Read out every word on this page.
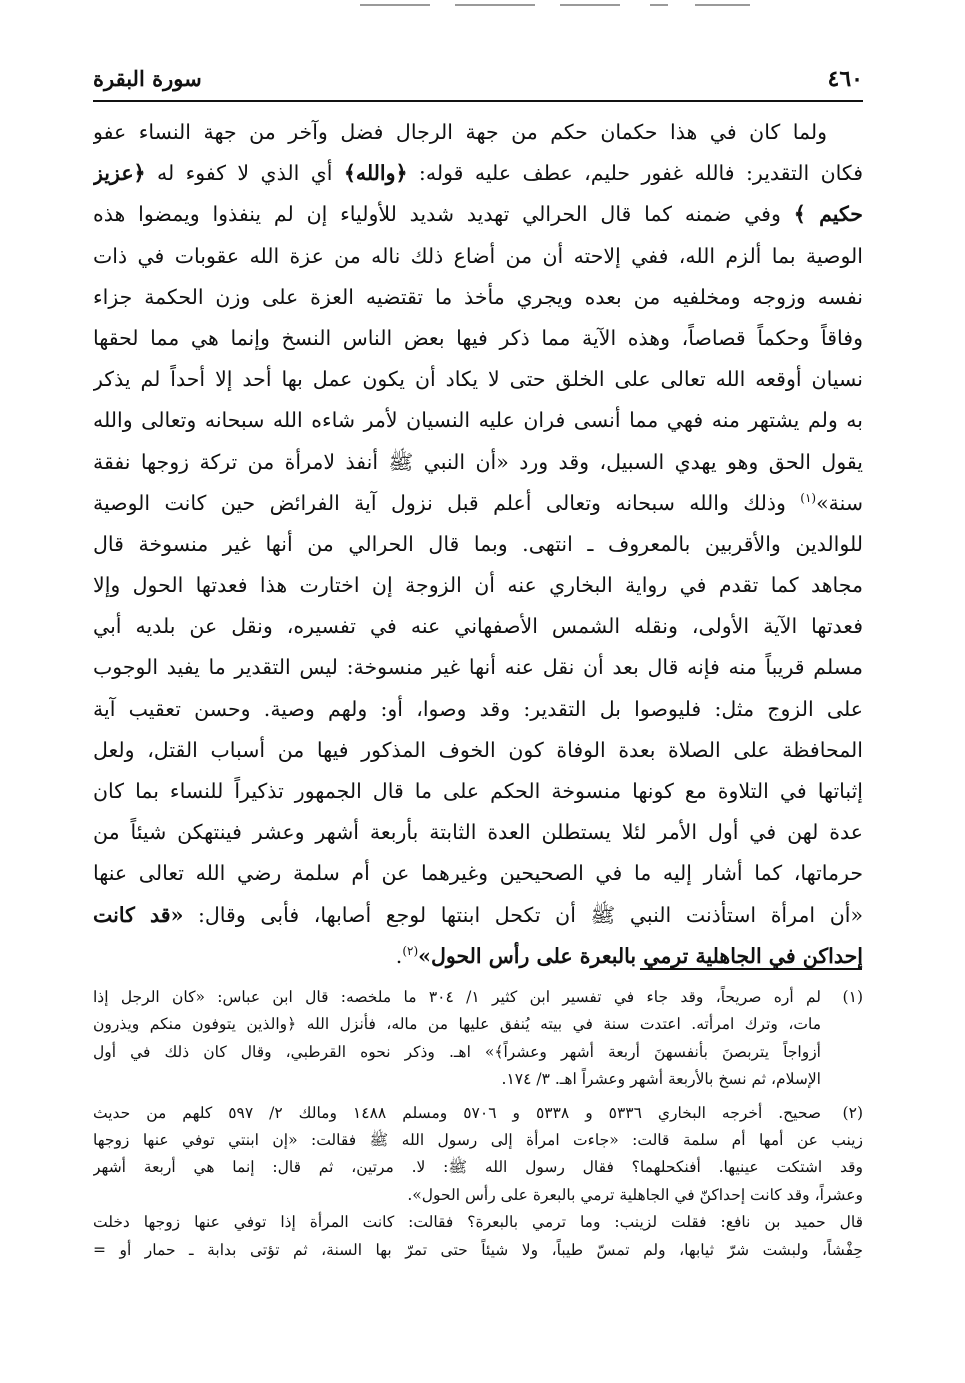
٤٦٠
سورة البقرة
ولما كان في هذا حكمان حكم من جهة الرجال فضل وآخر من جهة النساء عفو
فكان التقدير: فالله غفور حليم، عطف عليه قوله: ﴿والله﴾ أي الذي لا كفوء له ﴿عزيز
حكيم ﴾ وفي ضمنه كما قال الحرالي تهديد شديد للأولياء إن لم ينفذوا ويمضوا هذه
الوصية بما ألزم الله، ففي إلاحته أن من أضاع ذلك ناله من عزة الله عقوبات في ذات
نفسه وزوجه ومخلفيه من بعده ويجري مأخذ ما تقتضيه العزة على وزن الحكمة جزاء
وفاقاً وحكماً قصاصاً، وهذه الآية مما ذكر فيها بعض الناس النسخ وإنما هي مما لحقها
نسيان أوقعه الله تعالى على الخلق حتى لا يكاد أن يكون عمل بها أحد إلا أحداً لم يذكر
به ولم يشتهر منه فهي مما أنسى فران عليه النسيان لأمر شاءه الله سبحانه وتعالى والله
يقول الحق وهو يهدي السبيل، وقد ورد «أن النبي ﷺ أنفذ لامرأة من تركة زوجها نفقة
سنة»$^{(١)}$ وذلك والله سبحانه وتعالى أعلم قبل نزول آية الفرائض حين كانت الوصية
للوالدين والأقربين بالمعروف ـ انتهى. وبما قال الحرالي من أنها غير منسوخة قال
مجاهد كما تقدم في رواية البخاري عنه أن الزوجة إن اختارت هذا فعدتها الحول وإلا
فعدتها الآية الأولى، ونقله الشمس الأصفهاني عنه في تفسيره، ونقل عن بلديه أبي
مسلم قريباً منه فإنه قال بعد أن نقل عنه أنها غير منسوخة: ليس التقدير ما يفيد الوجوب
على الزوج مثل: فليوصوا بل التقدير: وقد وصوا، أو: ولهم وصية. وحسن تعقيب آية
المحافظة على الصلاة بعدة الوفاة كون الخوف المذكور فيها من أسباب القتل، ولعل
إثباتها في التلاوة مع كونها منسوخة الحكم على ما قال الجمهور تذكيراً للنساء بما كان
عدة لهن في أول الأمر لئلا يستطلن العدة الثابتة بأربعة أشهر وعشر فينتهكن شيئاً من
حرماتها، كما أشار إليه ما في الصحيحين وغيرهما عن أم سلمة رضي الله تعالى عنها
«أن امرأة استأذنت النبي ﷺ أن تكحل ابنتها لوجع أصابها، فأبى وقال: «قد كانت
إحداكن في الجاهلية ترمي بالبعرة على رأس الحول»$^{(٢)}$.
(١)
لم أره صريحاً، وقد جاء في تفسير ابن كثير ١/ ٣٠٤ ما ملخصه: قال ابن عباس: «كان الرجل إذا
مات، وترك امرأته. اعتدت سنة في بيته يُنفق عليها من ماله، فأنزل الله ﴿والذين يتوفون منكم ويذرون
أزواجاً يتربصنَ بأنفسهنَ أربعة أشهر وعشراً﴾» اهـ. وذكر نحوه القرطبي، وقال كان ذلك في أول
الإسلام، ثم نسخ بالأربعة أشهر وعشراً اهـ. ٣/ ١٧٤.
(٢)
صحيح. أخرجه البخاري ٥٣٣٦ و ٥٣٣٨ و ٥٧٠٦ ومسلم ١٤٨٨ ومالك ٢/ ٥٩٧ كلهم من حديث
زينب عن أمها أم سلمة قالت: «جاءت امرأة إلى رسول الله ﷺ فقالت: «إن ابنتي توفي عنها زوجها
وقد اشتكت عينيها. أفنكحلهما؟ فقال رسول الله ﷺ: لا. مرتين، ثم قال: إنما هي أربعة أشهر
وعشراً، وقد كانت إحداكنّ في الجاهلية ترمي بالبعرة على رأس الحول».
قال حميد بن نافع: فقلت لزينب: وما ترمي بالبعرة؟ فقالت: كانت المرأة إذا توفي عنها زوجها دخلت
حِفْشاً، ولبشت شرّ ثيابها، ولم تمسّ طيباً، ولا شيئاً حتى تمرّ بها السنة، ثم تؤتى بدابة ـ حمار أو =
